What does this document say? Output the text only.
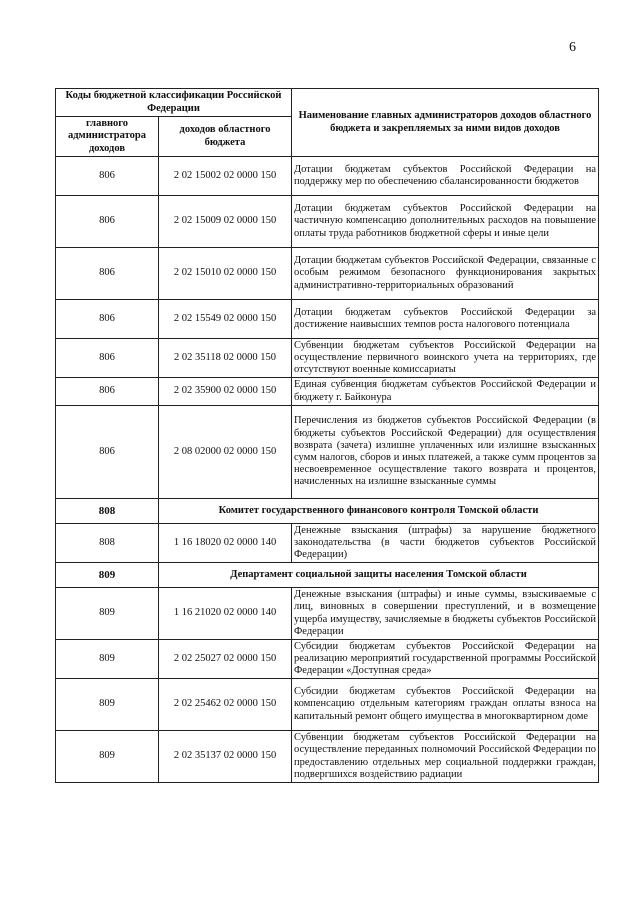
6
Коды бюджетной классификации Российской Федерации		Наименование главных администраторов доходов областного бюджета и закрепляемых за ними видов доходов
главного администратора доходов	доходов областного бюджета	
806	2 02 15002 02 0000 150	Дотации бюджетам субъектов Российской Федерации на поддержку мер по обеспечению сбалансированности бюджетов
806	2 02 15009 02 0000 150	Дотации бюджетам субъектов Российской Федерации на частичную компенсацию дополнительных расходов на повышение оплаты труда работников бюджетной сферы и иные цели
806	2 02 15010 02 0000 150	Дотации бюджетам субъектов Российской Федерации, связанные с особым режимом безопасного функционирования закрытых административно-территориальных образований
806	2 02 15549 02 0000 150	Дотации бюджетам субъектов Российской Федерации за достижение наивысших темпов роста налогового потенциала
806	2 02 35118 02 0000 150	Субвенции бюджетам субъектов Российской Федерации на осуществление первичного воинского учета на территориях, где отсутствуют военные комиссариаты
806	2 02 35900 02 0000 150	Единая субвенция бюджетам субъектов Российской Федерации и бюджету г. Байконура
806	2 08 02000 02 0000 150	Перечисления из бюджетов субъектов Российской Федерации (в бюджеты субъектов Российской Федерации) для осуществления возврата (зачета) излишне уплаченных или излишне взысканных сумм налогов, сборов и иных платежей, а также сумм процентов за несвоевременное осуществление такого возврата и процентов, начисленных на излишне взысканные суммы
808	Комитет государственного финансового контроля Томской области	
808	1 16 18020 02 0000 140	Денежные взыскания (штрафы) за нарушение бюджетного законодательства (в части бюджетов субъектов Российской Федерации)
809	Департамент социальной защиты населения Томской области	
809	1 16 21020 02 0000 140	Денежные взыскания (штрафы) и иные суммы, взыскиваемые с лиц, виновных в совершении преступлений, и в возмещение ущерба имуществу, зачисляемые в бюджеты субъектов Российской Федерации
809	2 02 25027 02 0000 150	Субсидии бюджетам субъектов Российской Федерации на реализацию мероприятий государственной программы Российской Федерации «Доступная среда»
809	2 02 25462 02 0000 150	Субсидии бюджетам субъектов Российской Федерации на компенсацию отдельным категориям граждан оплаты взноса на капитальный ремонт общего имущества в многоквартирном доме
809	2 02 35137 02 0000 150	Субвенции бюджетам субъектов Российской Федерации на осуществление переданных полномочий Российской Федерации по предоставлению отдельных мер социальной поддержки граждан, подвергшихся воздействию радиации
